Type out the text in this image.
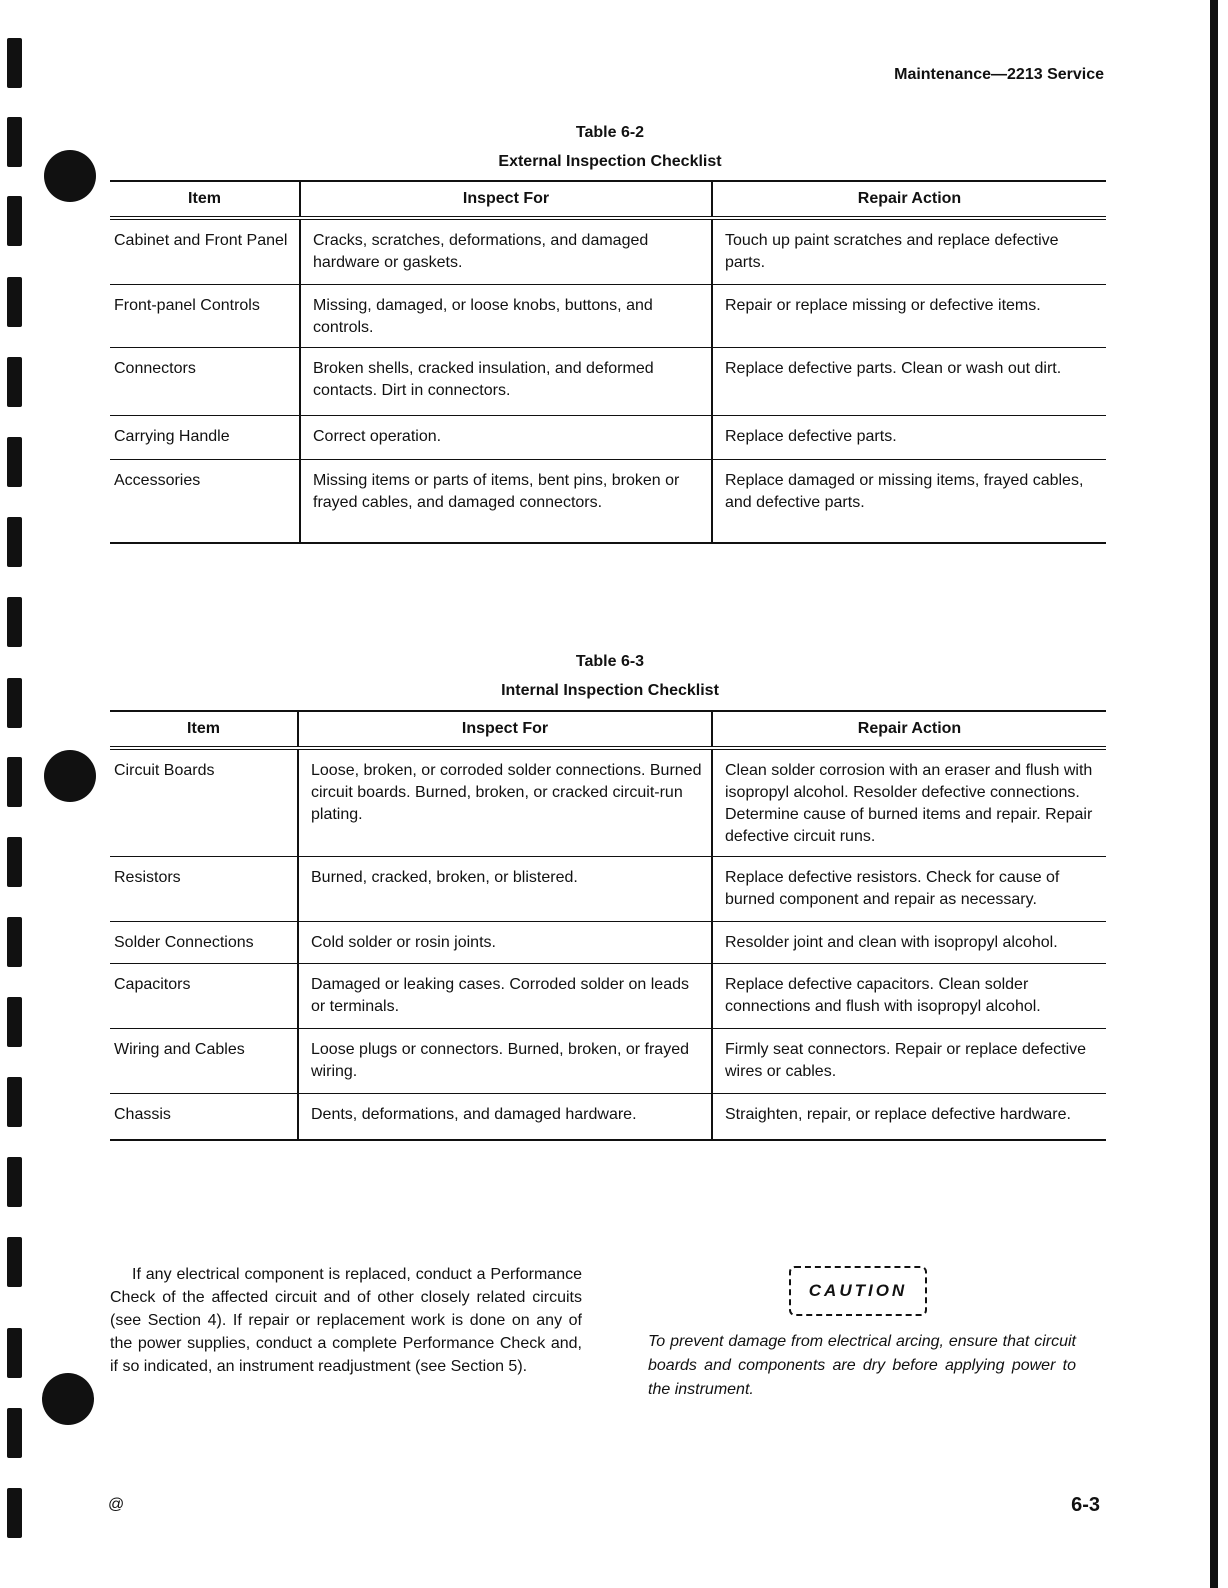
Maintenance—2213 Service
Table 6-2
External Inspection Checklist
Item	Inspect For	Repair Action
Cabinet and Front Panel	Cracks, scratches, deformations, and damaged hardware or gaskets.	Touch up paint scratches and replace defective parts.
Front-panel Controls	Missing, damaged, or loose knobs, buttons, and controls.	Repair or replace missing or defective items.
Connectors	Broken shells, cracked insulation, and deformed contacts. Dirt in connectors.	Replace defective parts. Clean or wash out dirt.
Carrying Handle	Correct operation.	Replace defective parts.
Accessories	Missing items or parts of items, bent pins, broken or frayed cables, and damaged connectors.	Replace damaged or missing items, frayed cables, and defective parts.
Table 6-3
Internal Inspection Checklist
Item	Inspect For	Repair Action
Circuit Boards	Loose, broken, or corroded solder connections. Burned circuit boards. Burned, broken, or cracked circuit-run plating.	Clean solder corrosion with an eraser and flush with isopropyl alcohol. Resolder defective connections. Determine cause of burned items and repair. Repair defective circuit runs.
Resistors	Burned, cracked, broken, or blistered.	Replace defective resistors. Check for cause of burned component and repair as necessary.
Solder Connections	Cold solder or rosin joints.	Resolder joint and clean with isopropyl alcohol.
Capacitors	Damaged or leaking cases. Corroded solder on leads or terminals.	Replace defective capacitors. Clean solder connections and flush with isopropyl alcohol.
Wiring and Cables	Loose plugs or connectors. Burned, broken, or frayed wiring.	Firmly seat connectors. Repair or replace defective wires or cables.
Chassis	Dents, deformations, and damaged hardware.	Straighten, repair, or replace defective hardware.

If any electrical component is replaced, conduct a Performance Check of the affected circuit and of other closely related circuits (see Section 4). If repair or replacement work is done on any of the power supplies, conduct a complete Performance Check and, if so indicated, an instrument readjustment (see Section 5).

CAUTION

To prevent damage from electrical arcing, ensure that circuit boards and components are dry before applying power to the instrument.

@	6-3
